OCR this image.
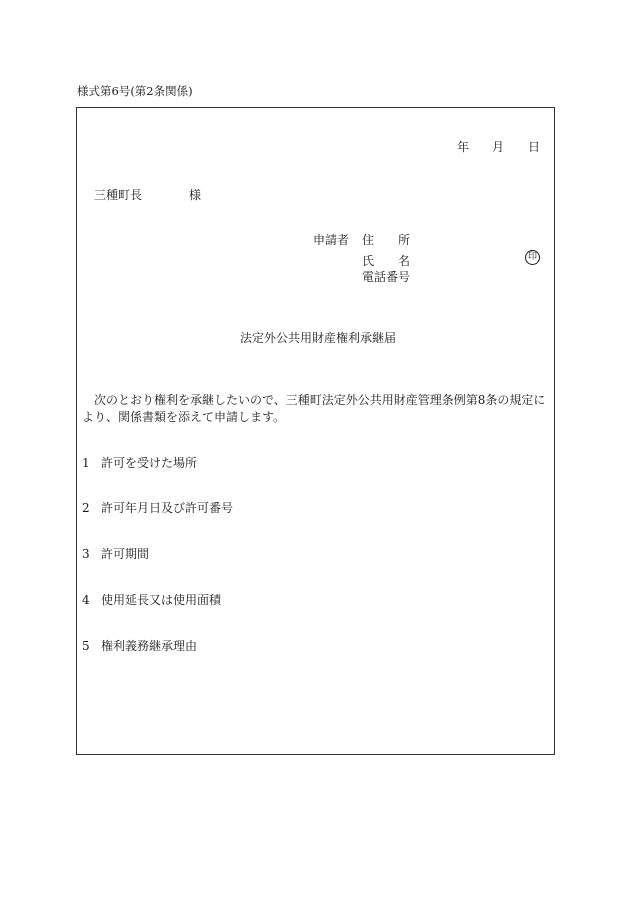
様式第6号(第2条関係)
年 月 日
三種町長	様
申請者 住 所
氏 名	印
電話番号
法定外公共用財産権利承継届
次のとおり権利を承継したいので、三種町法定外公共用財産管理条例第8条の規定により、関係書類を添えて申請します。
1 許可を受けた場所
2 許可年月日及び許可番号
3 許可期間
4 使用延長又は使用面積
5 権利義務継承理由
